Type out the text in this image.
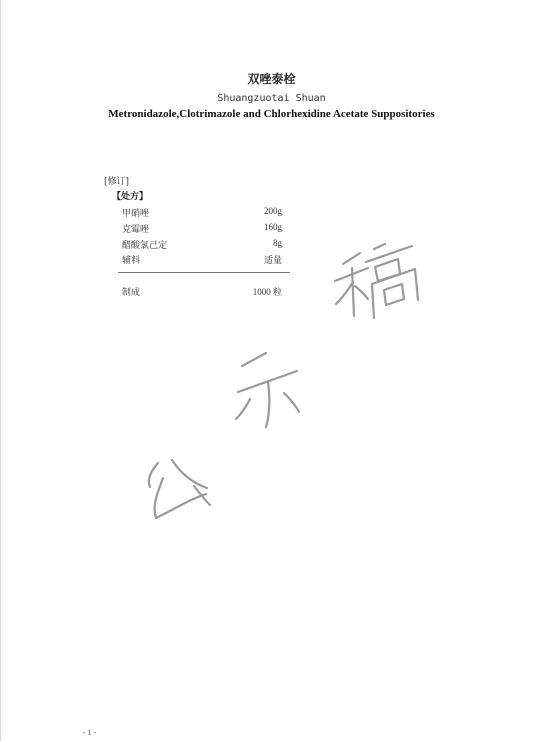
双唑泰栓
Shuangzuotai Shuan
Metronidazole,Clotrimazole and Chlorhexidine Acetate Suppositories
[修订]
【处方】
甲硝唑	200g
克霉唑	160g
醋酸氯己定	8g
辅料	适量
制成	1000 粒
- 1 -
